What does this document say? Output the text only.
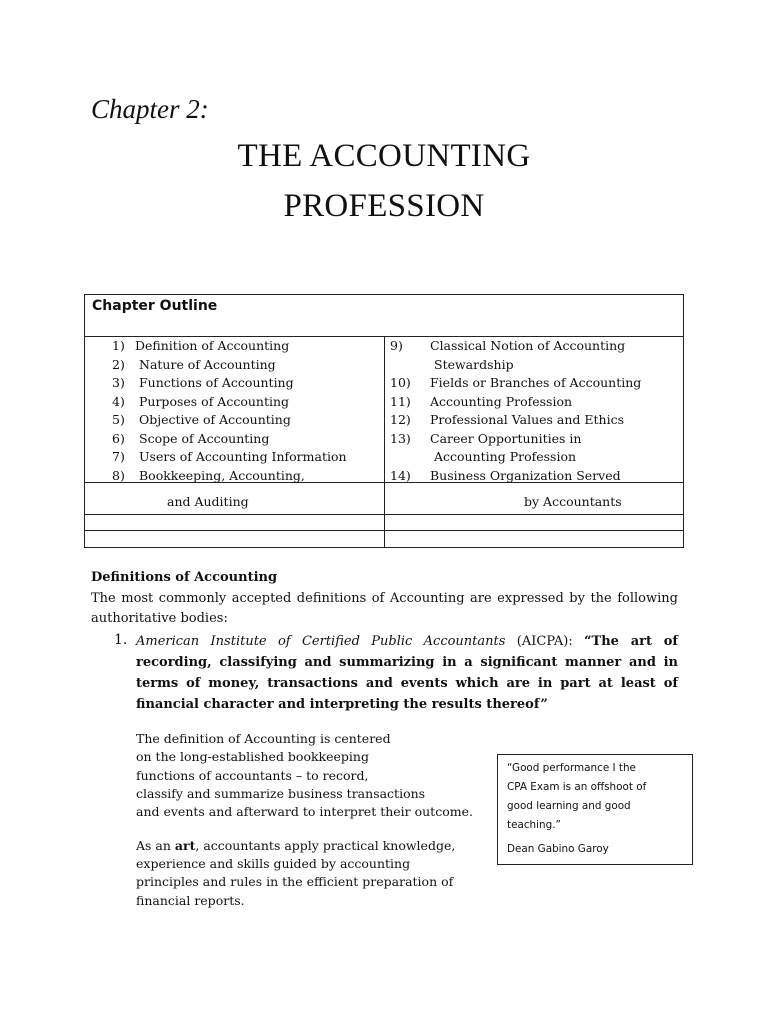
Chapter 2:
THE ACCOUNTING
PROFESSION
Chapter Outline
1) Definition of Accounting
2) Nature of Accounting
3) Functions of Accounting
4) Purposes of Accounting
5) Objective of Accounting
6) Scope of Accounting
7) Users of Accounting Information
8) Bookkeeping, Accounting,
9) Classical Notion of Accounting
Stewardship
10) Fields or Branches of Accounting
11) Accounting Profession
12) Professional Values and Ethics
13) Career Opportunities in
Accounting Profession
14) Business Organization Served
and Auditing	by Accountants
Definitions of Accounting
The most commonly accepted definitions of Accounting are expressed by the following
authoritative bodies:
1. American Institute of Certified Public Accountants (AICPA): “The art of recording, classifying and summarizing in a significant manner and in terms of money, transactions and events which are in part at least of financial character and interpreting the results thereof”
The definition of Accounting is centered
on the long-established bookkeeping
functions of accountants – to record,
classify and summarize business transactions
and events and afterward to interpret their outcome.
As an art, accountants apply practical knowledge,
experience and skills guided by accounting
principles and rules in the efficient preparation of
financial reports.
“Good performance I the
CPA Exam is an offshoot of
good learning and good
teaching.”
Dean Gabino Garoy
